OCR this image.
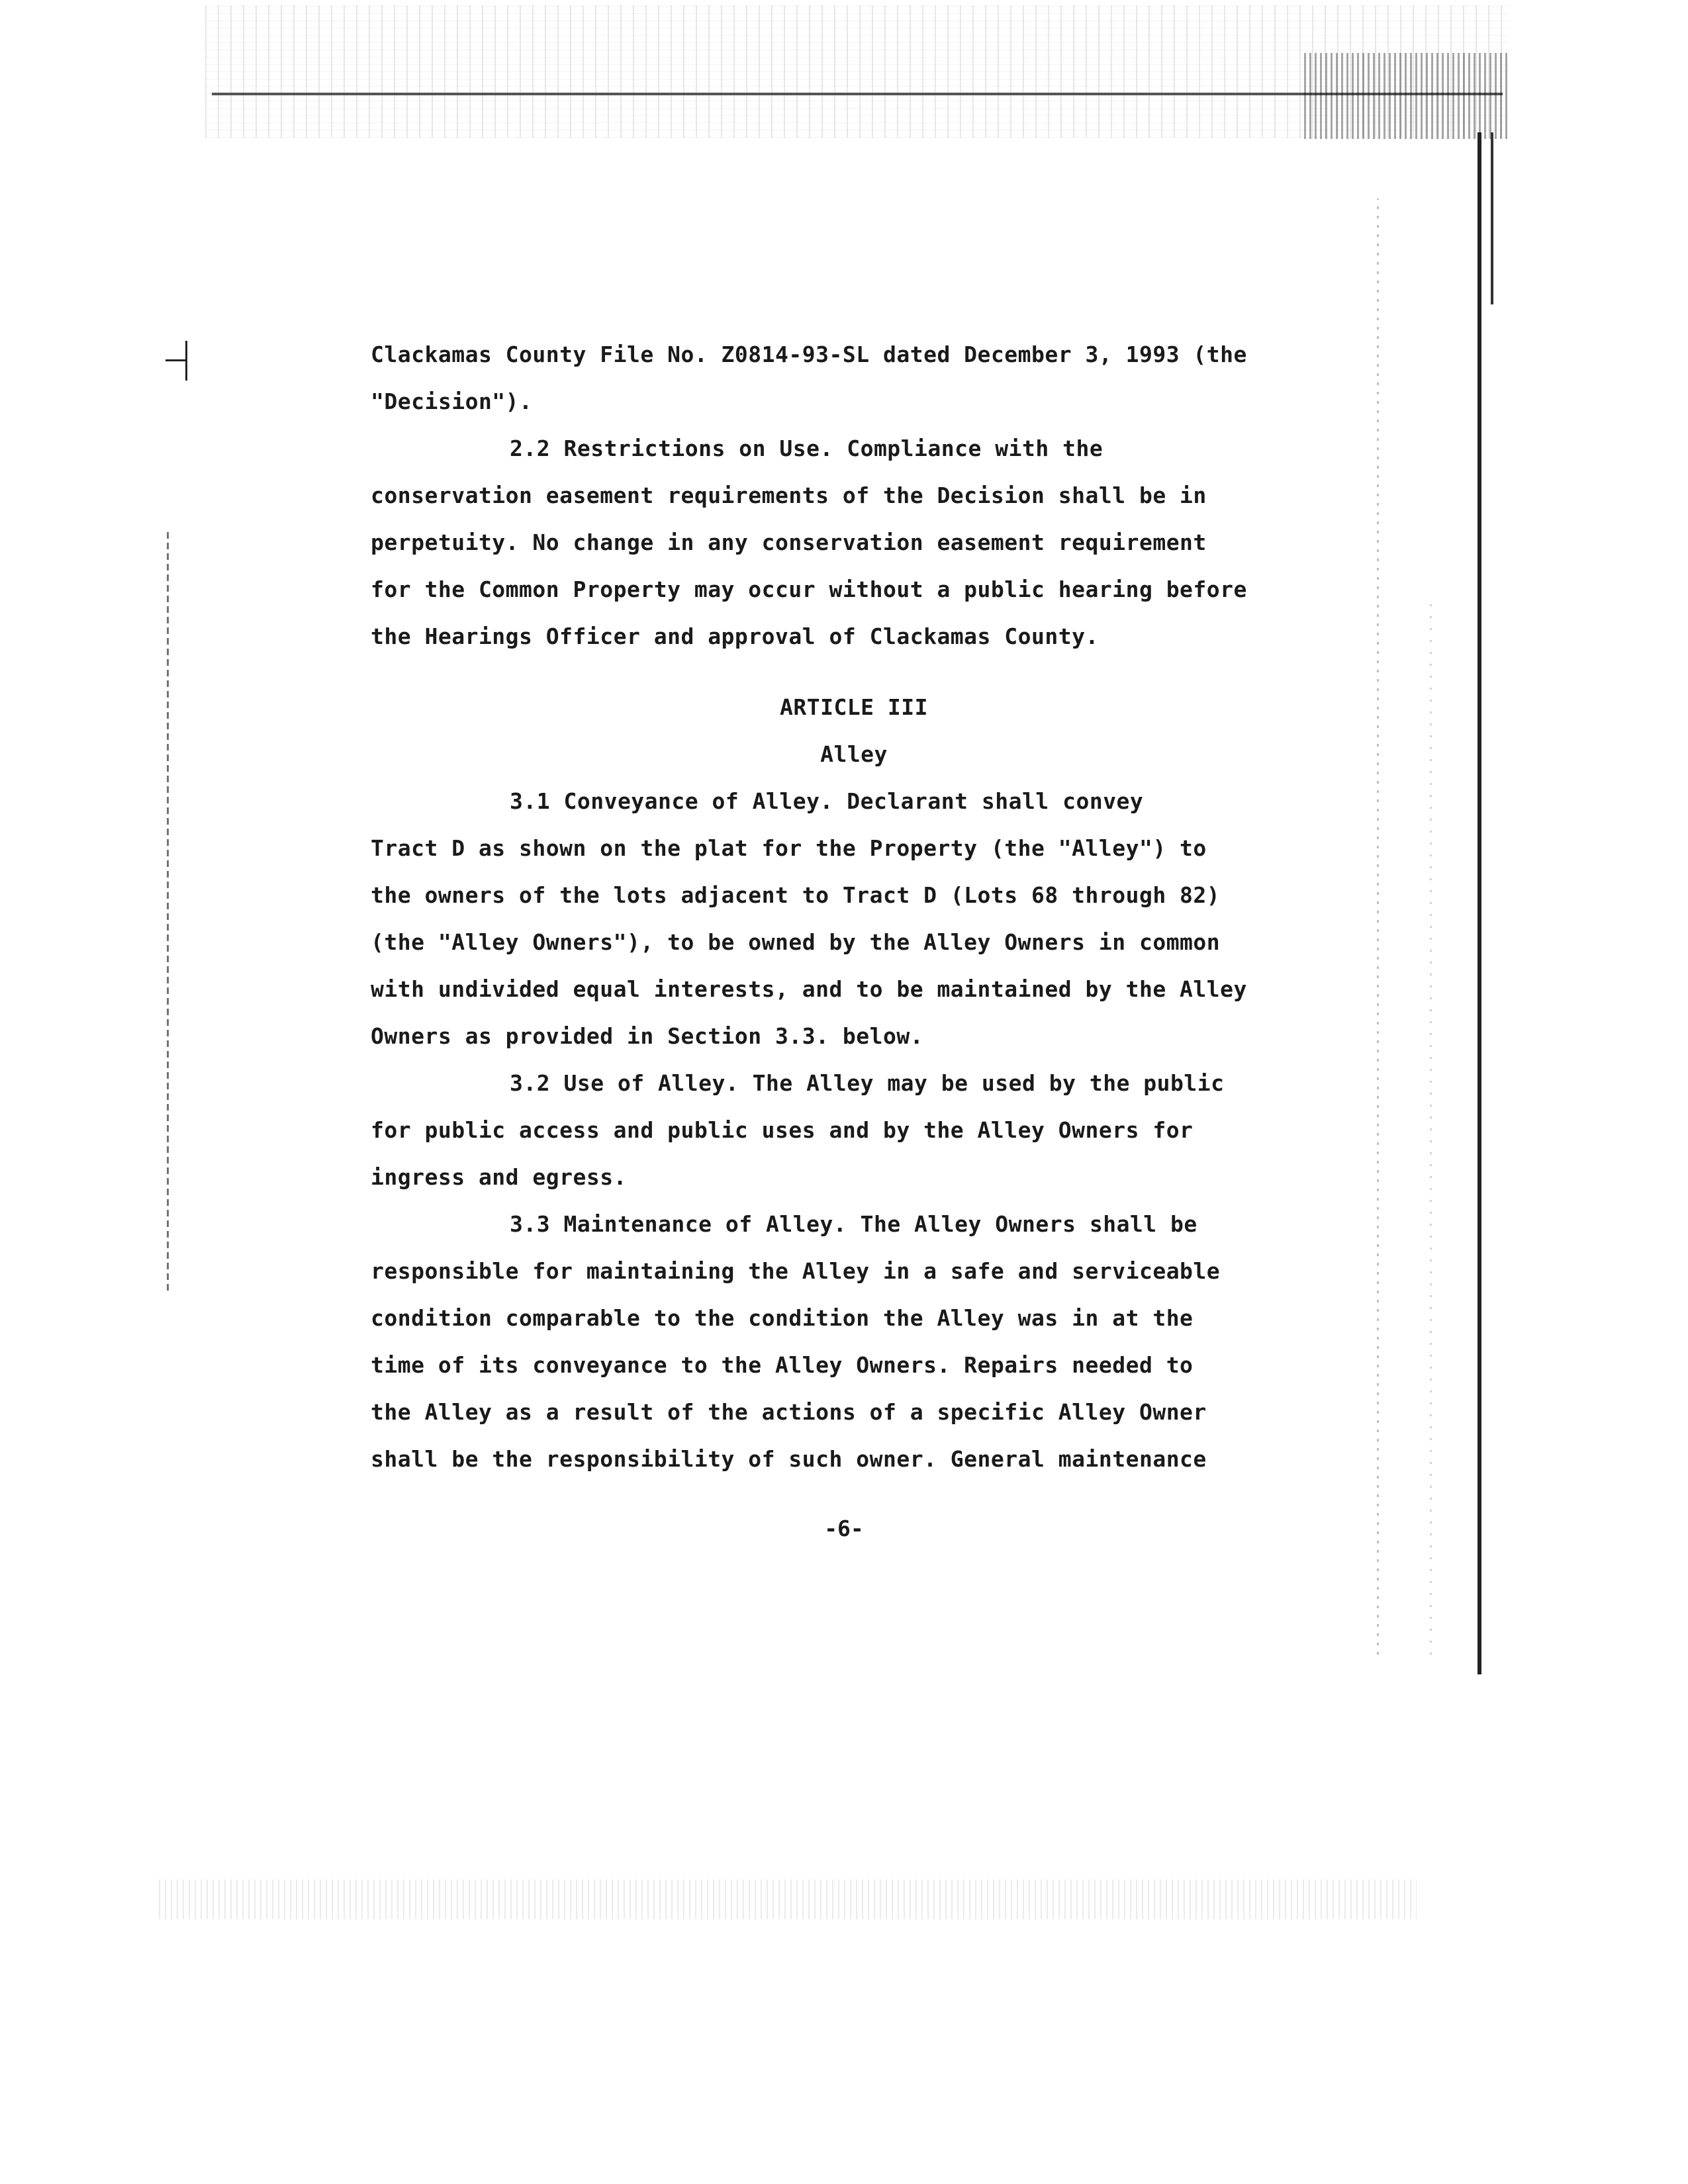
Clackamas County File No. Z0814-93-SL dated December 3, 1993 (the
"Decision").
2.2 Restrictions on Use. Compliance with the
conservation easement requirements of the Decision shall be in
perpetuity. No change in any conservation easement requirement
for the Common Property may occur without a public hearing before
the Hearings Officer and approval of Clackamas County.
ARTICLE III
Alley
3.1 Conveyance of Alley. Declarant shall convey
Tract D as shown on the plat for the Property (the "Alley") to
the owners of the lots adjacent to Tract D (Lots 68 through 82)
(the "Alley Owners"), to be owned by the Alley Owners in common
with undivided equal interests, and to be maintained by the Alley
Owners as provided in Section 3.3. below.
3.2 Use of Alley. The Alley may be used by the public
for public access and public uses and by the Alley Owners for
ingress and egress.
3.3 Maintenance of Alley. The Alley Owners shall be
responsible for maintaining the Alley in a safe and serviceable
condition comparable to the condition the Alley was in at the
time of its conveyance to the Alley Owners. Repairs needed to
the Alley as a result of the actions of a specific Alley Owner
shall be the responsibility of such owner. General maintenance
-6-
